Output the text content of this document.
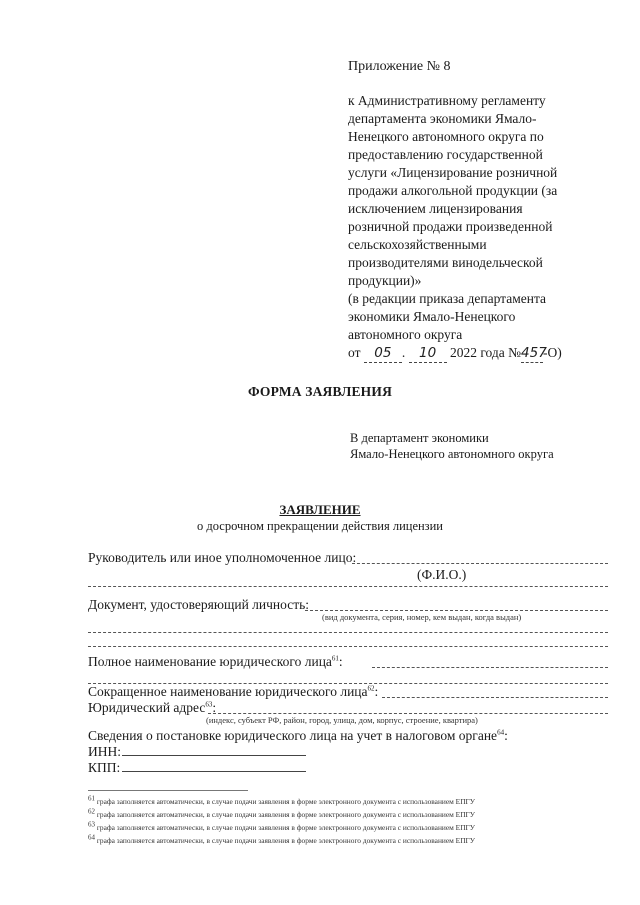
Приложение № 8
к Административному регламенту
департамента экономики Ямало-
Ненецкого автономного округа по
предоставлению государственной
услуги «Лицензирование розничной
продажи алкогольной продукции (за
исключением лицензирования
розничной продажи произведенной
сельскохозяйственными
производителями винодельческой
продукции)»
(в редакции приказа департамента
экономики Ямало-Ненецкого
автономного округа
от 05 . 10 2022 года №457-О)
ФОРМА ЗАЯВЛЕНИЯ
В департамент экономики
Ямало-Ненецкого автономного округа
ЗАЯВЛЕНИЕ
о досрочном прекращении действия лицензии
Руководитель или иное уполномоченное лицо:
(Ф.И.О.)
Документ, удостоверяющий личность:
(вид документа, серия, номер, кем выдан, когда выдан)
Полное наименование юридического лица$^{61}$:
Сокращенное наименование юридического лица$^{62}$:
Юридический адрес$^{63}$:
(индекс, субъект РФ, район, город, улица, дом, корпус, строение, квартира)
Сведения о постановке юридического лица на учет в налоговом органе$^{64}$:
ИНН:
КПП:
$^{61}$ графа заполняется автоматически, в случае подачи заявления в форме электронного документа с использованием ЕПГУ
$^{62}$ графа заполняется автоматически, в случае подачи заявления в форме электронного документа с использованием ЕПГУ
$^{63}$ графа заполняется автоматически, в случае подачи заявления в форме электронного документа с использованием ЕПГУ
$^{64}$ графа заполняется автоматически, в случае подачи заявления в форме электронного документа с использованием ЕПГУ
